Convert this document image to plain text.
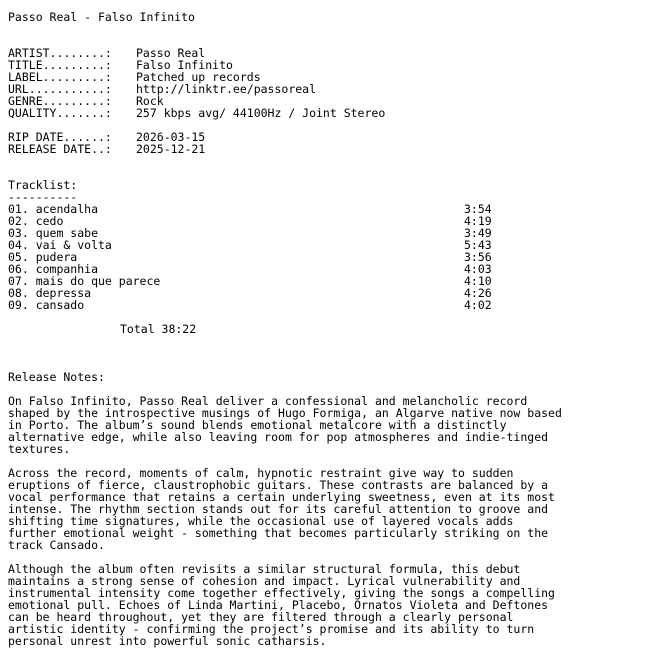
Passo Real - Falso Infinito
ARTIST........: Passo Real
TITLE.........: Falso Infinito
LABEL.........: Patched up records
URL...........: http://linktr.ee/passoreal
GENRE.........: Rock
QUALITY.......: 257 kbps avg/ 44100Hz / Joint Stereo
RIP DATE......: 2026-03-15
RELEASE DATE..: 2025-12-21
Tracklist:
----------
01. acendalha	3:54
02. cedo	4:19
03. quem sabe	3:49
04. vai & volta	5:43
05. pudera	3:56
06. companhia	4:03
07. mais do que parece	4:10
08. depressa	4:26
09. cansado	4:02
Total 38:22
Release Notes:
On Falso Infinito, Passo Real deliver a confessional and melancholic record
shaped by the introspective musings of Hugo Formiga, an Algarve native now based
in Porto. The album’s sound blends emotional metalcore with a distinctly
alternative edge, while also leaving room for pop atmospheres and indie-tinged
textures.
Across the record, moments of calm, hypnotic restraint give way to sudden
eruptions of fierce, claustrophobic guitars. These contrasts are balanced by a
vocal performance that retains a certain underlying sweetness, even at its most
intense. The rhythm section stands out for its careful attention to groove and
shifting time signatures, while the occasional use of layered vocals adds
further emotional weight - something that becomes particularly striking on the
track Cansado.
Although the album often revisits a similar structural formula, this debut
maintains a strong sense of cohesion and impact. Lyrical vulnerability and
instrumental intensity come together effectively, giving the songs a compelling
emotional pull. Echoes of Linda Martini, Placebo, Ornatos Violeta and Deftones
can be heard throughout, yet they are filtered through a clearly personal
artistic identity - confirming the project’s promise and its ability to turn
personal unrest into powerful sonic catharsis.
